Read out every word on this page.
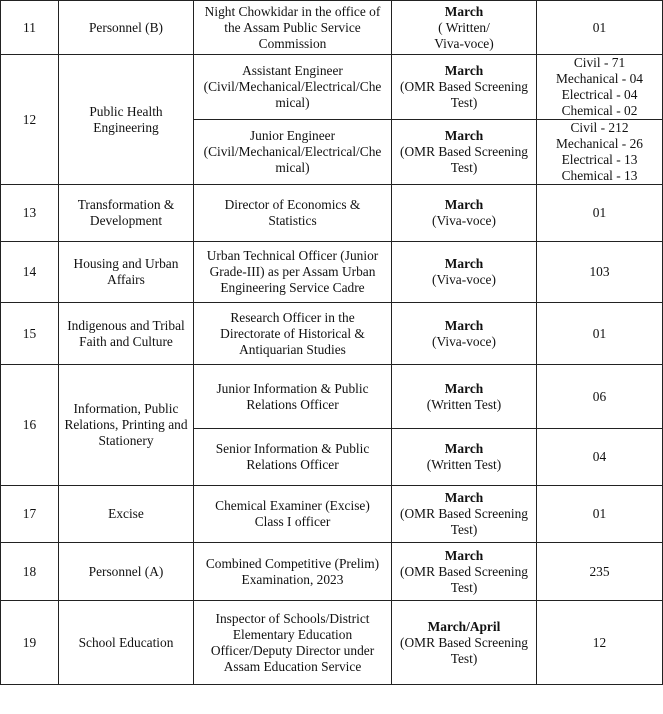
11	Personnel (B)	Night Chowkidar in the office of
the Assam Public Service
Commission	March
( Written/
Viva-voce)	01

12	Public Health Engineering	Assistant Engineer
(Civil/Mechanical/Electrical/Che
mical)	March
(OMR Based Screening
Test)	Civil - 71
Mechanical - 04
Electrical - 04
Chemical - 02

		Junior Engineer
(Civil/Mechanical/Electrical/Che
mical)	March
(OMR Based Screening
Test)	Civil - 212
Mechanical - 26
Electrical - 13
Chemical - 13

13	Transformation & Development	Director of Economics &
Statistics	March
(Viva-voce)	01

14	Housing and Urban Affairs	Urban Technical Officer (Junior
Grade-III) as per Assam Urban
Engineering Service Cadre	March
(Viva-voce)	103

15	Indigenous and Tribal Faith and Culture	Research Officer in the
Directorate of Historical &
Antiquarian Studies	March
(Viva-voce)	01

16	Information, Public Relations, Printing and Stationery	Junior Information & Public
Relations Officer	March
(Written Test)	06

		Senior Information & Public
Relations Officer	March
(Written Test)	04

17	Excise	Chemical Examiner (Excise)
Class I officer	March
(OMR Based Screening
Test)	01

18	Personnel (A)	Combined Competitive (Prelim)
Examination, 2023	March
(OMR Based Screening
Test)	235

19	School Education	Inspector of Schools/District
Elementary Education
Officer/Deputy Director under
Assam Education Service	March/April
(OMR Based Screening
Test)	12
